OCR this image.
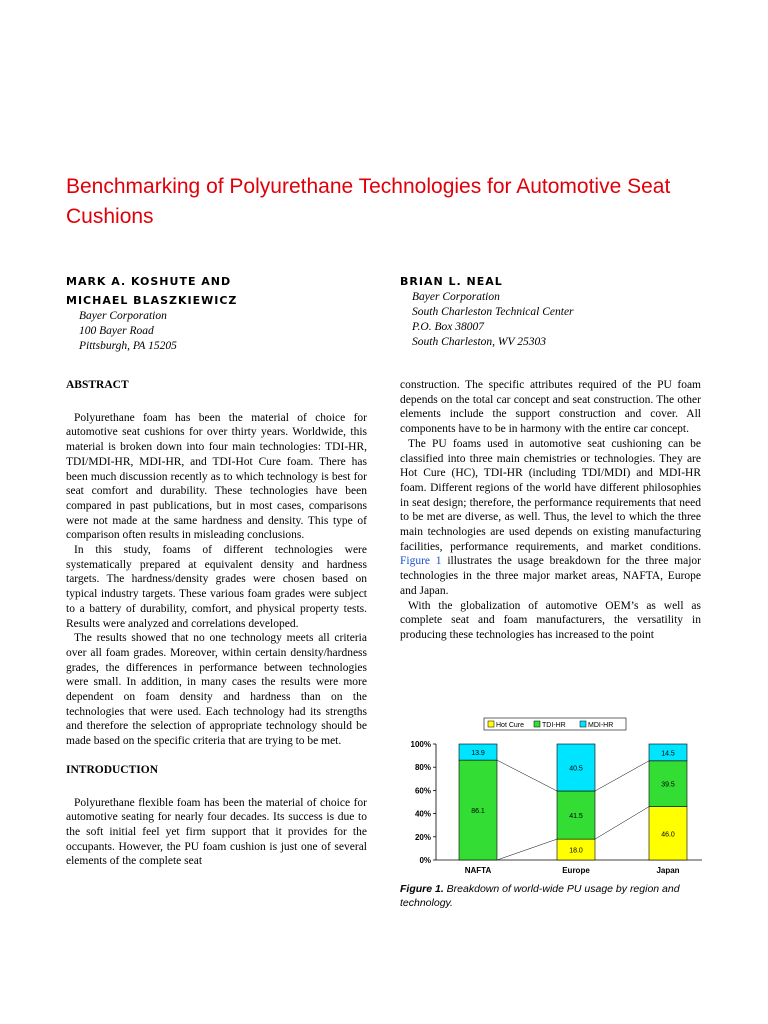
Benchmarking of Polyurethane Technologies for Automotive Seat Cushions
MARK A. KOSHUTE AND
MICHAEL BLASZKIEWICZ
Bayer Corporation
100 Bayer Road
Pittsburgh, PA 15205
BRIAN L. NEAL
Bayer Corporation
South Charleston Technical Center
P.O. Box 38007
South Charleston, WV 25303
ABSTRACT

Polyurethane foam has been the material of choice for automotive seat cushions for over thirty years. Worldwide, this material is broken down into four main technologies: TDI-HR, TDI/MDI-HR, MDI-HR, and TDI-Hot Cure foam. There has been much discussion recently as to which technology is best for seat comfort and durability. These technologies have been compared in past publications, but in most cases, comparisons were not made at the same hardness and density. This type of comparison often results in misleading conclusions.

In this study, foams of different technologies were systematically prepared at equivalent density and hardness targets. The hardness/density grades were chosen based on typical industry targets. These various foam grades were subject to a battery of durability, comfort, and physical property tests. Results were analyzed and correlations developed.

The results showed that no one technology meets all criteria over all foam grades. Moreover, within certain density/hardness grades, the differences in performance between technologies were small. In addition, in many cases the results were more dependent on foam density and hardness than on the technologies that were used. Each technology had its strengths and therefore the selection of appropriate technology should be made based on the specific criteria that are trying to be met.

INTRODUCTION

Polyurethane flexible foam has been the material of choice for automotive seating for nearly four decades. Its success is due to the soft initial feel yet firm support that it provides for the occupants. However, the PU foam cushion is just one of several elements of the complete seat

construction. The specific attributes required of the PU foam depends on the total car concept and seat construction. The other elements include the support construction and cover. All components have to be in harmony with the entire car concept.

The PU foams used in automotive seat cushioning can be classified into three main chemistries or technologies. They are Hot Cure (HC), TDI-HR (including TDI/MDI) and MDI-HR foam. Different regions of the world have different philosophies in seat design; therefore, the performance requirements that need to be met are diverse, as well. Thus, the level to which the three main technologies are used depends on existing manufacturing facilities, performance requirements, and market conditions. Figure 1 illustrates the usage breakdown for the three major technologies in the three major market areas, NAFTA, Europe and Japan.

With the globalization of automotive OEM’s as well as complete seat and foam manufacturers, the versatility in producing these technologies has increased to the point

Hot Cure	TDI-HR	MDI-HR
0%
20%
40%
60%
80%
100%
86.1
13.9
NAFTA
18.0
41.5
40.5
Europe
46.0
39.5
14.5
Japan
Figure 1. Breakdown of world-wide PU usage by region and technology.
